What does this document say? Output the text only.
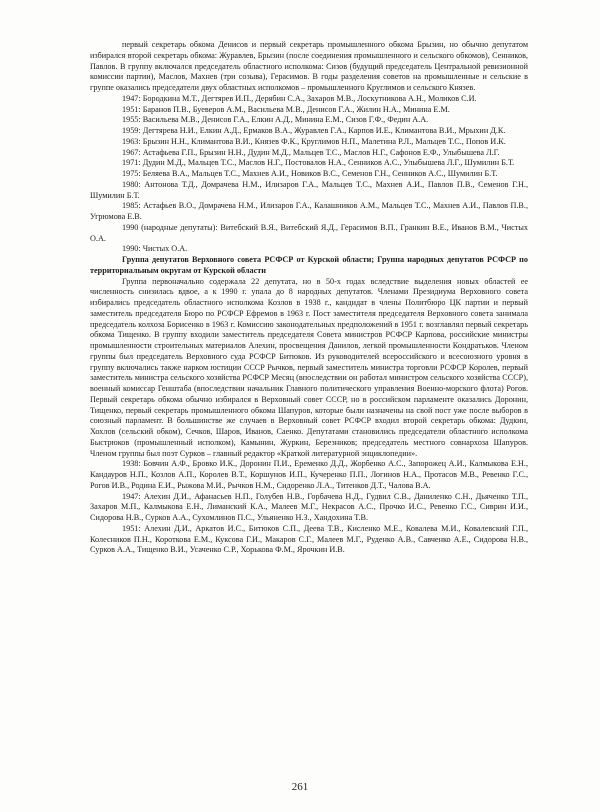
первый секретарь обкома Денисов и первый секретарь промышленного обкома Брызин, но обычно депутатом избирался второй секретарь обкома: Журавлев, Брызин (после соединения промышленного и сельского обкомов), Сенников, Павлов. В группу включался председатель областного исполкома: Сизов (будущий председатель Центральной ревизионной комиссии партии), Маслов, Махнев (три созыва), Герасимов. В годы разделения советов на промышленные и сельские в группе оказались председатели двух областных исполкомов – промышленного Круглимов и сельского Князев.

1947: Бородкина М.Т., Дегтярев И.П., Дерябин С.А., Захаров М.В., Лоскутникова А.Н., Моликов С.И.

1951: Баранов П.В., Буеверов А.М., Васильева М.В., Денисов Г.А., Жилин Н.А., Минина Е.М.

1955: Васильева М.В., Денисов Г.А., Елкин А.Д., Минина Е.М., Сизов Г.Ф., Федин А.А.

1959: Дегтярева Н.И., Елкин А.Д., Ермаков В.А., Журавлев Г.А., Карпов И.Е., Климантова В.И., Мрыхин Д.К.

1963: Брызин Н.Н., Климантова В.И., Князев Ф.К., Круглимов Н.П., Малетина Р.Л., Мальцев Т.С., Попов И.К.

1967: Астафьева Г.П., Брызин Н.Н., Дудин М.Д., Мальцев Т.С., Маслов Н.Г., Сафонов Е.Ф., Улыбышева Л.Г.

1971: Дудин М.Д., Мальцев Т.С., Маслов Н.Г., Постовалов Н.А., Сенников А.С., Улыбышева Л.Г., Шумилин Б.Т.

1975: Беляева В.А., Мальцев Т.С., Махнев А.И., Новиков В.С., Семенов Г.Н., Сенников А.С., Шумилин Б.Т.

1980: Антонова Т.Д., Домрачева Н.М., Илизаров Г.А., Мальцев Т.С., Махнев А.И., Павлов П.В., Семенов Г.Н., Шумилин Б.Т.

1985: Астафьев В.О., Домрачева Н.М., Илизаров Г.А., Калашников А.М., Мальцев Т.С., Махнев А.И., Павлов П.В., Угрюмова Е.В.

1990 (народные депутаты): Витебский В.Я., Витебский Я.Д., Герасимов В.П., Гранкин В.Е., Иванов В.М., Чистых О.А.

1990: Чистых О.А.

Группа депутатов Верховного совета РСФСР от Курской области; Группа народных депутатов РСФСР по территориальным округам от Курской области

Группа первоначально содержала 22 депутата, но в 50-х годах вследствие выделения новых областей ее численность снизилась вдвое, а к 1990 г. упала до 8 народных депутатов. Членами Президиума Верховного совета избирались председатель областного исполкома Козлов в 1938 г., кандидат в члены Политбюро ЦК партии и первый заместитель председателя Бюро по РСФСР Ефремов в 1963 г. Пост заместителя председателя Верховного совета занимала председатель колхоза Борисенко в 1963 г. Комиссию законодательных предположений в 1951 г. возглавлял первый секретарь обкома Тищенко. В группу входили заместитель председателя Совета министров РСФСР Карпова, российские министры промышленности строительных материалов Алехин, просвещения Данилов, легкой промышленности Кондратьков. Членом группы был председатель Верховного суда РСФСР Битюков. Из руководителей всероссийского и всесоюзного уровня в группу включались также нарком юстиции СССР Рычков, первый заместитель министра торговли РСФСР Королев, первый заместитель министра сельского хозяйства РСФСР Месяц (впоследствии он работал министром сельского хозяйства СССР), военный комиссар Генштаба (впоследствии начальник Главного политического управления Военно-морского флота) Рогов. Первый секретарь обкома обычно избирался в Верховный совет СССР, но в российском парламенте оказались Доронин, Тищенко, первый секретарь промышленного обкома Шапуров, которые были назначены на свой пост уже после выборов в союзный парламент. В большинстве же случаев в Верховный совет РСФСР входил второй секретарь обкома: Дудкин, Хохлов (сельский обком), Сечков, Шаров, Иванов, Саенко. Депутатами становились председатели областного исполкома Быстрюков (промышленный исполком), Камынин, Журкин, Березников; председатель местного совнархоза Шапуров. Членом группы был поэт Сурков – главный редактор «Краткой литературной энциклопедии».

1938: Бовчин А.Ф., Бровко И.К., Доронин П.И., Еременко Д.Д., Жорбенко А.С., Запорожец А.И., Калмыкова Е.Н., Кандауров Н.П., Козлов А.П., Королев В.Т., Коршунов И.П., Кучеренко П.П., Логинов Н.А., Протасов М.В., Ревенко Г.С., Рогов И.В., Родина Е.И., Рыжова М.И., Рычков Н.М., Сидоренко Л.А., Титенков Д.Т., Чалова В.А.

1947: Алехин Д.И., Афанасьев Н.П., Голубев Н.В., Горбачева Н.Д., Гудвил С.В., Даниленко С.Н., Дьяченко Т.П., Захаров М.П., Калмыкова Е.Н., Лиманский К.А., Малеев М.Г., Некрасов А.С., Прочко И.С., Ревенко Г.С., Сиврин И.И., Сидорова Н.В., Сурков А.А., Сухомлинов П.С., Ульяненко Н.З., Хандохина Т.В.

1951: Алехин Д.И., Аркатов И.С., Битюков С.П., Деева Т.В., Кисленко М.Е., Ковалева М.И., Ковалевский Г.П., Колесников П.Н., Короткова Е.М., Куксова Г.И., Макаров С.Г., Малеев М.Г., Руденко А.В., Савченко А.Е., Сидорова Н.В., Сурков А.А., Тищенко В.И., Усаченко С.Р., Хорькова Ф.М., Ярочкин И.В.

261
